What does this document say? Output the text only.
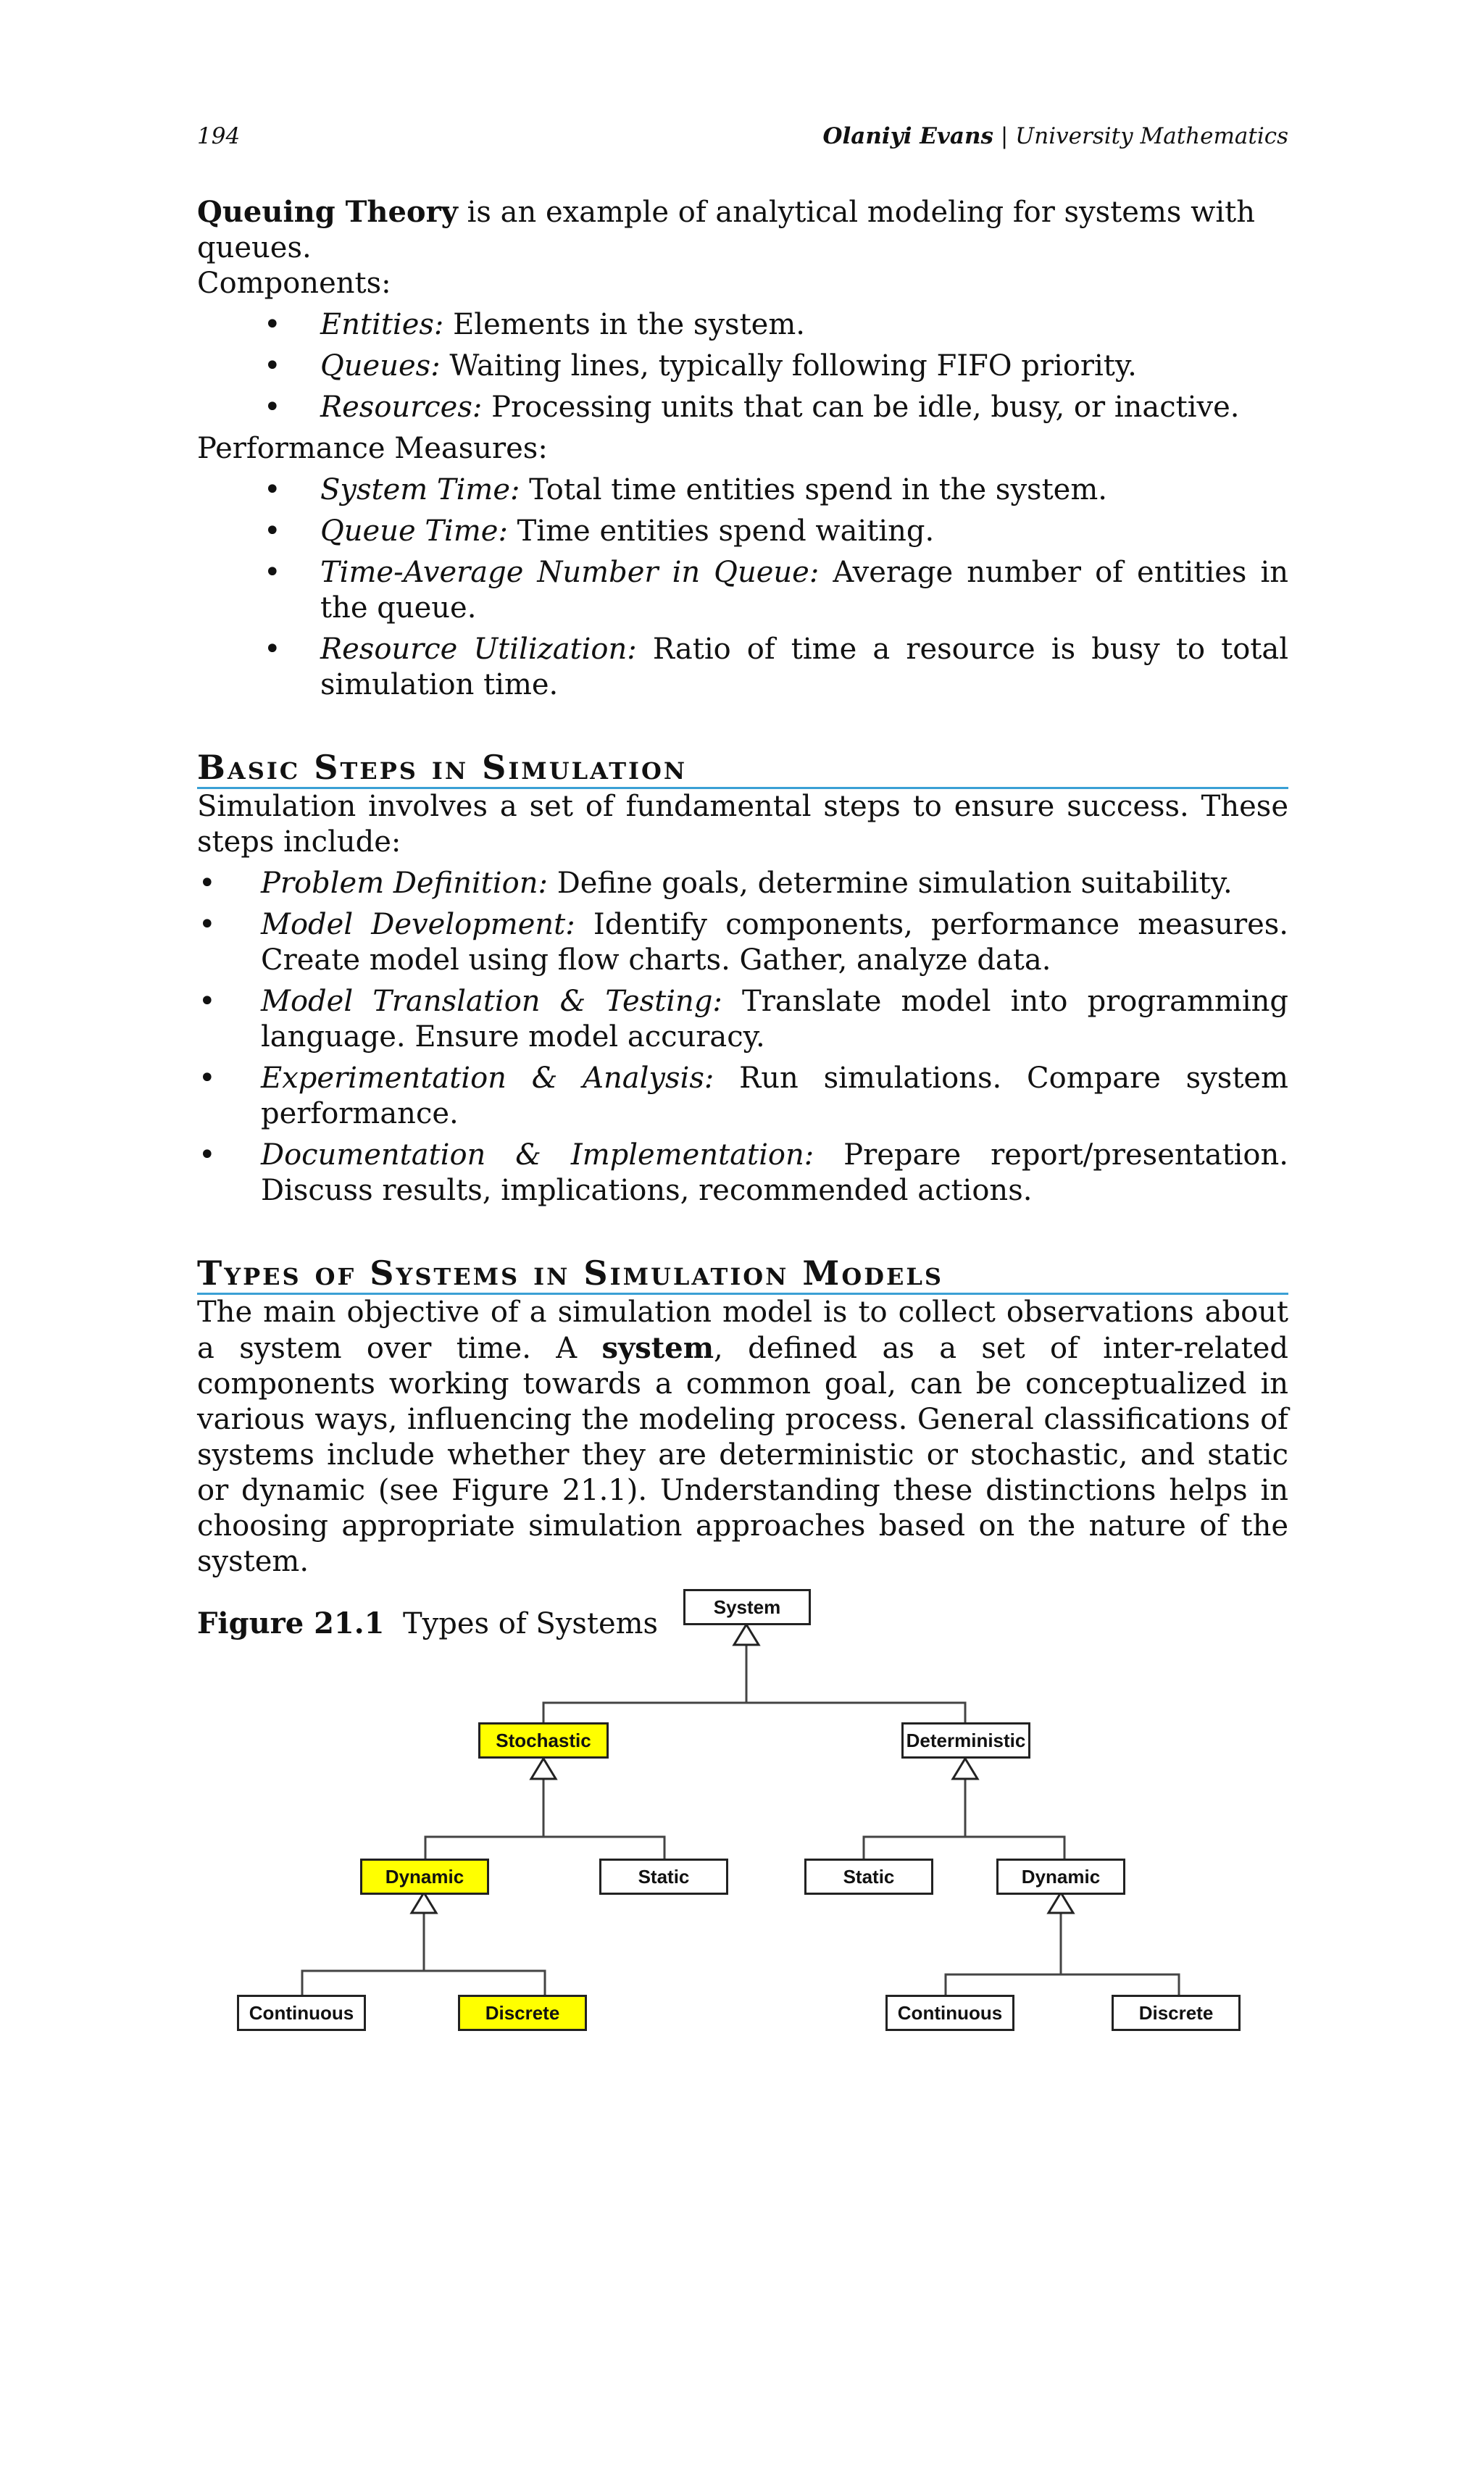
194	Olaniyi Evans | University Mathematics

Queuing Theory is an example of analytical modeling for systems with queues.

Components:

• Entities: Elements in the system.
• Queues: Waiting lines, typically following FIFO priority.
• Resources: Processing units that can be idle, busy, or inactive.

Performance Measures:

• System Time: Total time entities spend in the system.
• Queue Time: Time entities spend waiting.
• Time-Average Number in Queue: Average number of entities in the queue.
• Resource Utilization: Ratio of time a resource is busy to total simulation time.
Basic Steps in Simulation

Simulation involves a set of fundamental steps to ensure success. These steps include:

• Problem Definition: Define goals, determine simulation suitability.
• Model Development: Identify components, performance measures. Create model using flow charts. Gather, analyze data.
• Model Translation & Testing: Translate model into programming language. Ensure model accuracy.
• Experimentation & Analysis: Run simulations. Compare system performance.
• Documentation & Implementation: Prepare report/presentation. Discuss results, implications, recommended actions.
Types of Systems in Simulation Models

The main objective of a simulation model is to collect observations about a system over time. A system, defined as a set of inter-related components working towards a common goal, can be conceptualized in various ways, influencing the modeling process. General classifications of systems include whether they are deterministic or stochastic, and static or dynamic (see Figure 21.1). Understanding these distinctions helps in choosing appropriate simulation approaches based on the nature of the system.

Figure 21.1 Types of Systems

System
Stochastic	Deterministic
Dynamic	Static	Static	Dynamic
Continuous	Discrete	Continuous	Discrete
